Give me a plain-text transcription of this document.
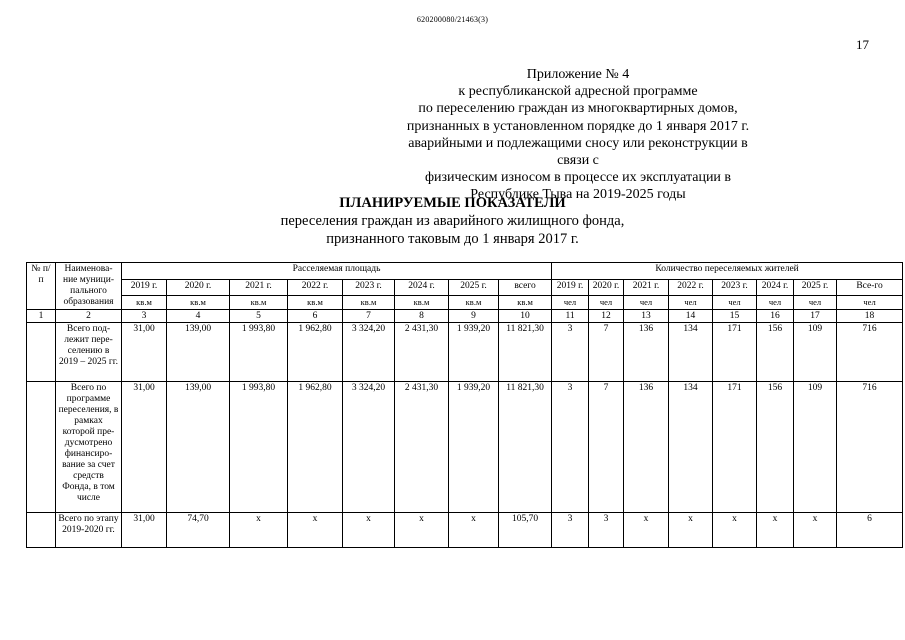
620200080/21463(3)
17
Приложение № 4
к республиканской адресной программе
по переселению граждан из многоквартирных домов,
признанных в установленном порядке до 1 января 2017 г.
аварийными и подлежащими сносу или реконструкции в связи с
физическим износом в процессе их эксплуатации в
Республике Тыва на 2019-2025 годы
ПЛАНИРУЕМЫЕ ПОКАЗАТЕЛИ
переселения граждан из аварийного жилищного фонда,
признанного таковым до 1 января 2017 г.
№ п/п	Наименова-ние муници-пального образования	Расселяемая площадь								Количество переселяемых жителей							
		2019 г.	2020 г.	2021 г.	2022 г.	2023 г.	2024 г.	2025 г.	всего	2019 г.	2020 г.	2021 г.	2022 г.	2023 г.	2024 г.	2025 г.	Все-го
		кв.м	кв.м	кв.м	кв.м	кв.м	кв.м	кв.м	кв.м	чел	чел	чел	чел	чел	чел	чел	чел
1	2	3	4	5	6	7	8	9	10	11	12	13	14	15	16	17	18
	Всего под-лежит пере-селению в 2019 – 2025 гг.	31,00	139,00	1 993,80	1 962,80	3 324,20	2 431,30	1 939,20	11 821,30	3	7	136	134	171	156	109	716
	Всего по программе переселения, в рамках которой пре-дусмотрено финансиро-вание за счет средств Фонда, в том числе	31,00	139,00	1 993,80	1 962,80	3 324,20	2 431,30	1 939,20	11 821,30	3	7	136	134	171	156	109	716
	Всего по этапу 2019-2020 гг.	31,00	74,70	х	х	х	х	х	105,70	3	3	х	х	х	х	х	6
